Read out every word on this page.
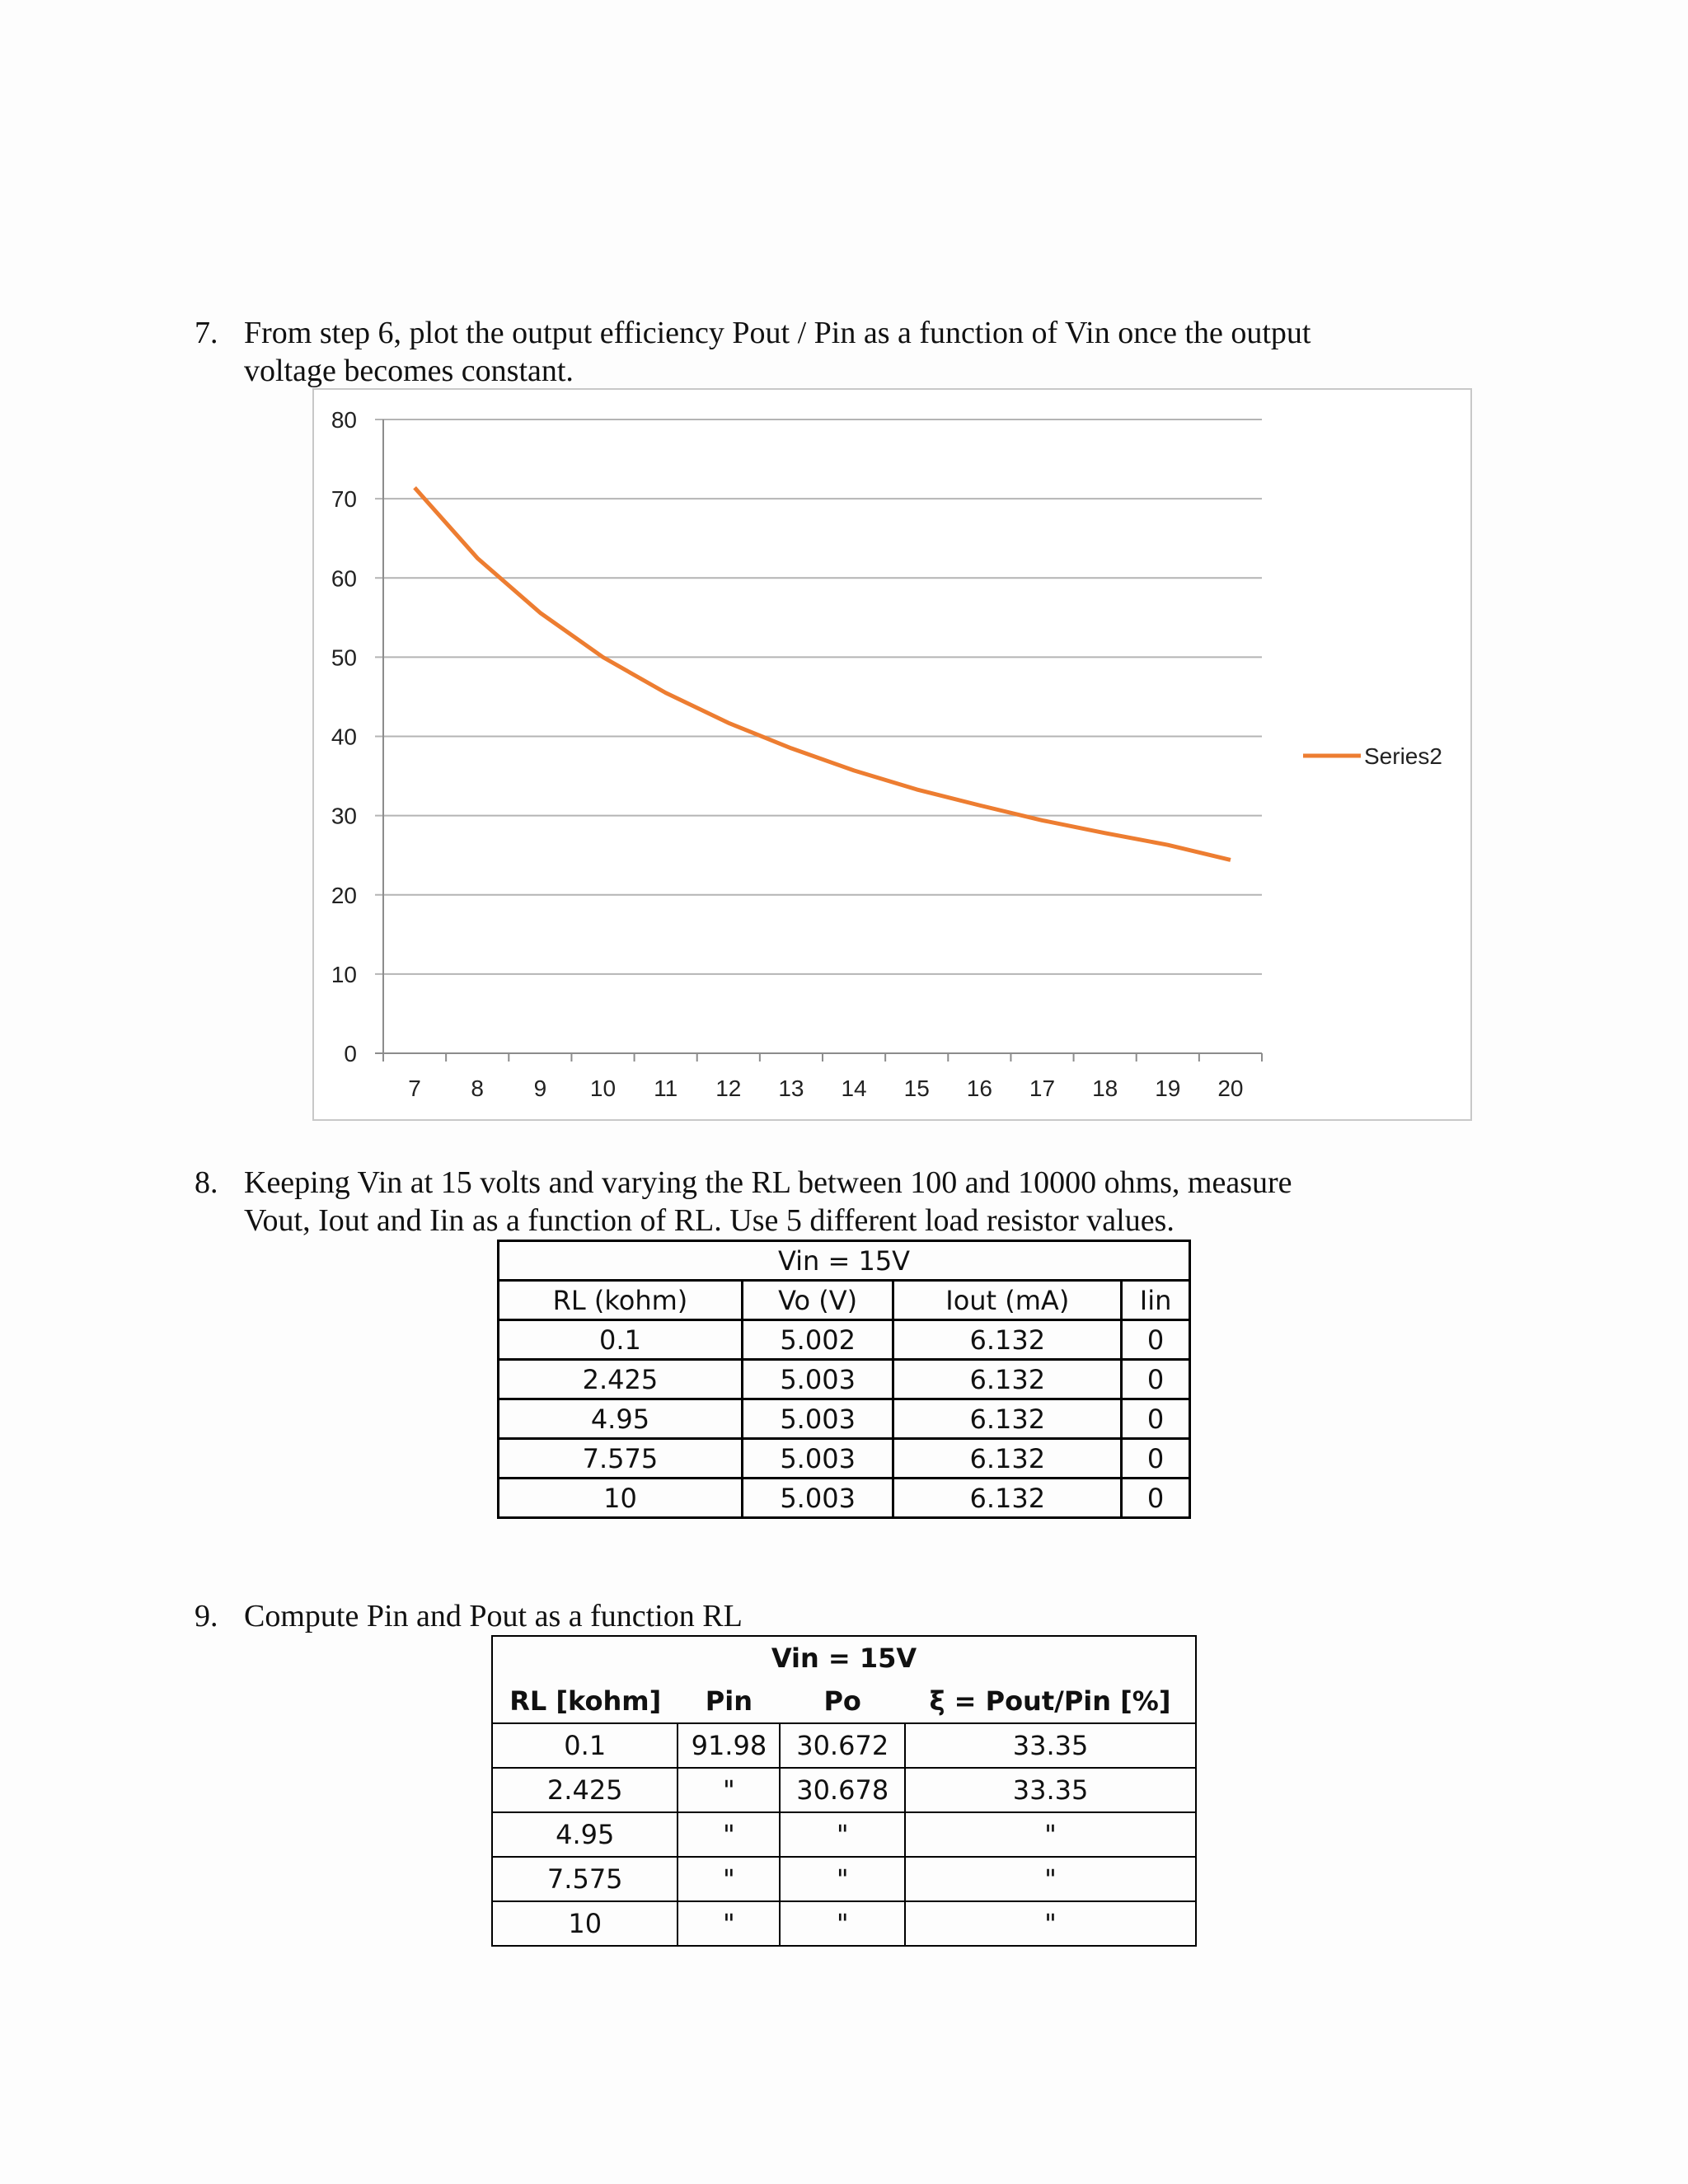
7. From step 6, plot the output efficiency Pout / Pin as a function of Vin once the output
voltage becomes constant.
0
10
20
30
40
50
60
70
80
7 8 9 10 11 12 13 14 15 16 17 18 19 20
Series2
8. Keeping Vin at 15 volts and varying the RL between 100 and 10000 ohms, measure
Vout, Iout and Iin as a function of RL. Use 5 different load resistor values.
Vin = 15V			
RL (kohm)	Vo (V)	Iout (mA)	Iin
0.1	5.002	6.132	0
2.425	5.003	6.132	0
4.95	5.003	6.132	0
7.575	5.003	6.132	0
10	5.003	6.132	0
9. Compute Pin and Pout as a function RL
Vin = 15V			
RL [kohm]	Pin	Po	ξ = Pout/Pin [%]
0.1	91.98	30.672	33.35
2.425	"	30.678	33.35
4.95	"	"	"
7.575	"	"	"
10	"	"	"
